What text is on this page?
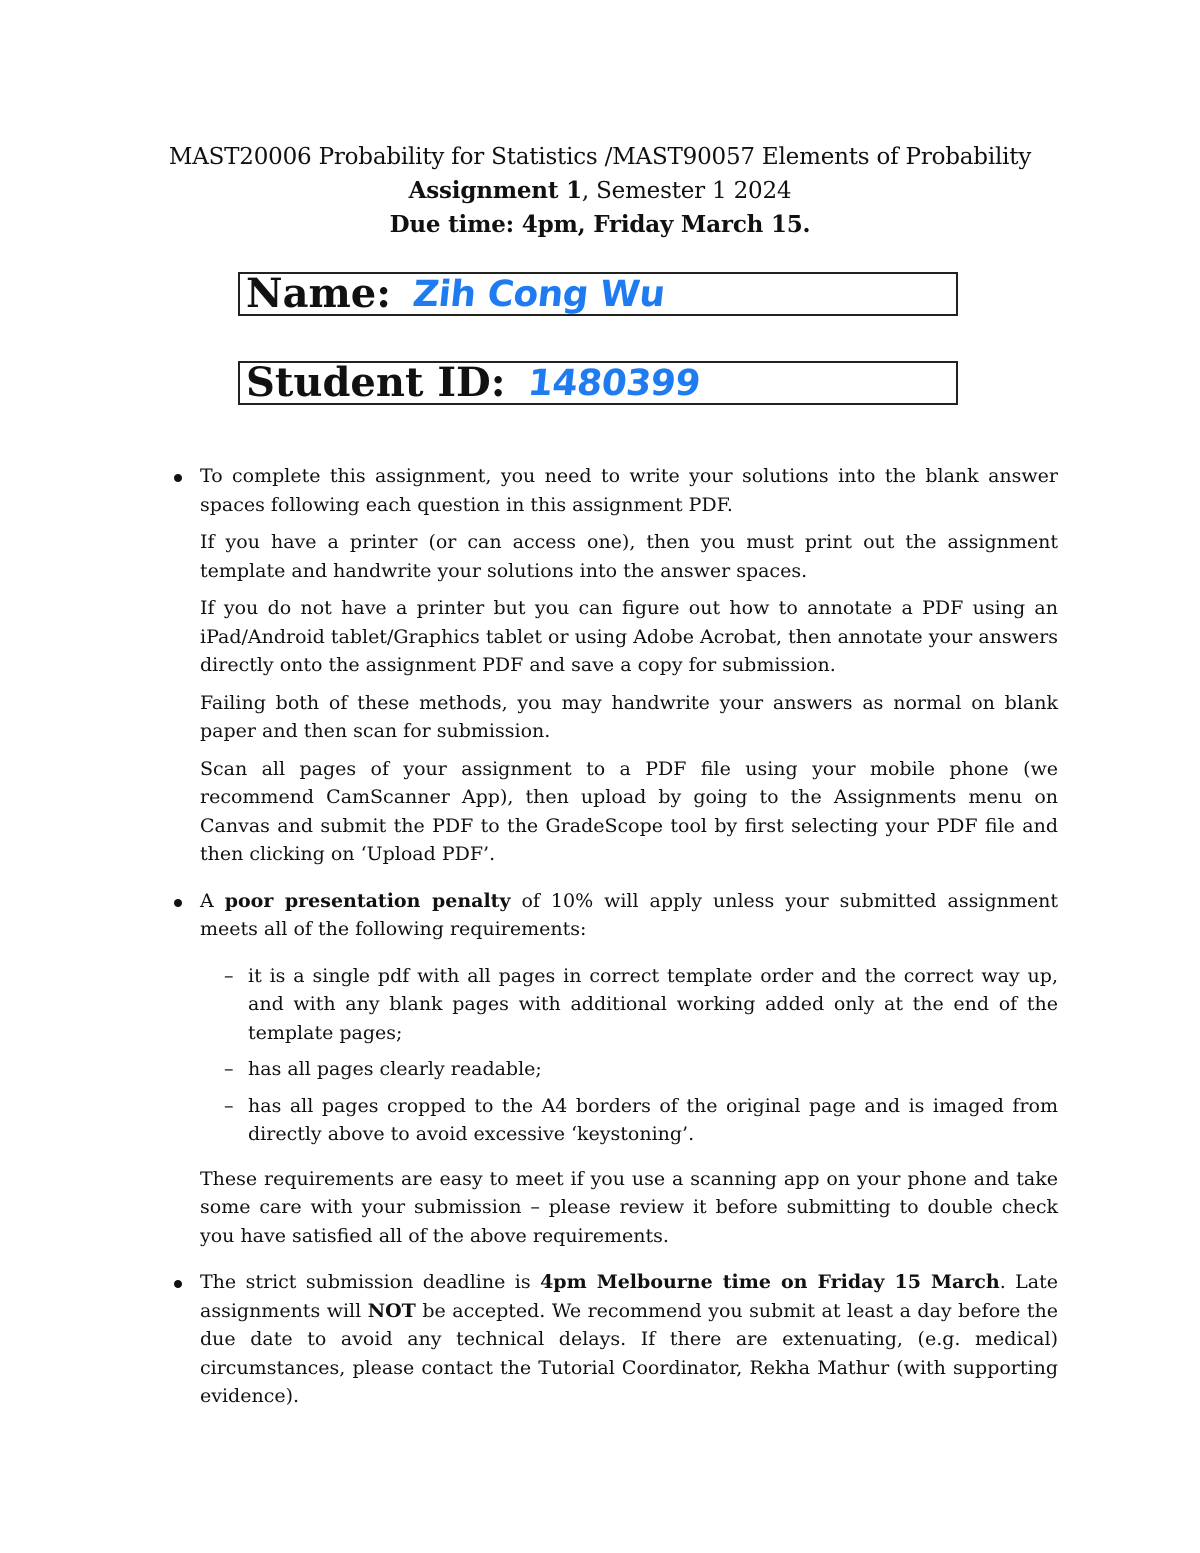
MAST20006 Probability for Statistics /MAST90057 Elements of Probability
Assignment 1, Semester 1 2024
Due time: 4pm, Friday March 15.
Name: Zih Cong Wu
Student ID: 1480399

To complete this assignment, you need to write your solutions into the blank answer spaces following each question in this assignment PDF.

If you have a printer (or can access one), then you must print out the assignment template and handwrite your solutions into the answer spaces.

If you do not have a printer but you can figure out how to annotate a PDF using an iPad/Android tablet/Graphics tablet or using Adobe Acrobat, then annotate your answers directly onto the assignment PDF and save a copy for submission.

Failing both of these methods, you may handwrite your answers as normal on blank paper and then scan for submission.

Scan all pages of your assignment to a PDF file using your mobile phone (we recommend CamScanner App), then upload by going to the Assignments menu on Canvas and submit the PDF to the GradeScope tool by first selecting your PDF file and then clicking on ‘Upload PDF’.

A poor presentation penalty of 10% will apply unless your submitted assignment meets all of the following requirements:

– it is a single pdf with all pages in correct template order and the correct way up, and with any blank pages with additional working added only at the end of the template pages;
– has all pages clearly readable;
– has all pages cropped to the A4 borders of the original page and is imaged from directly above to avoid excessive ‘keystoning’.

These requirements are easy to meet if you use a scanning app on your phone and take some care with your submission – please review it before submitting to double check you have satisfied all of the above requirements.

The strict submission deadline is 4pm Melbourne time on Friday 15 March. Late assignments will NOT be accepted. We recommend you submit at least a day before the due date to avoid any technical delays. If there are extenuating, (e.g. medical) circumstances, please contact the Tutorial Coordinator, Rekha Mathur (with supporting evidence).
